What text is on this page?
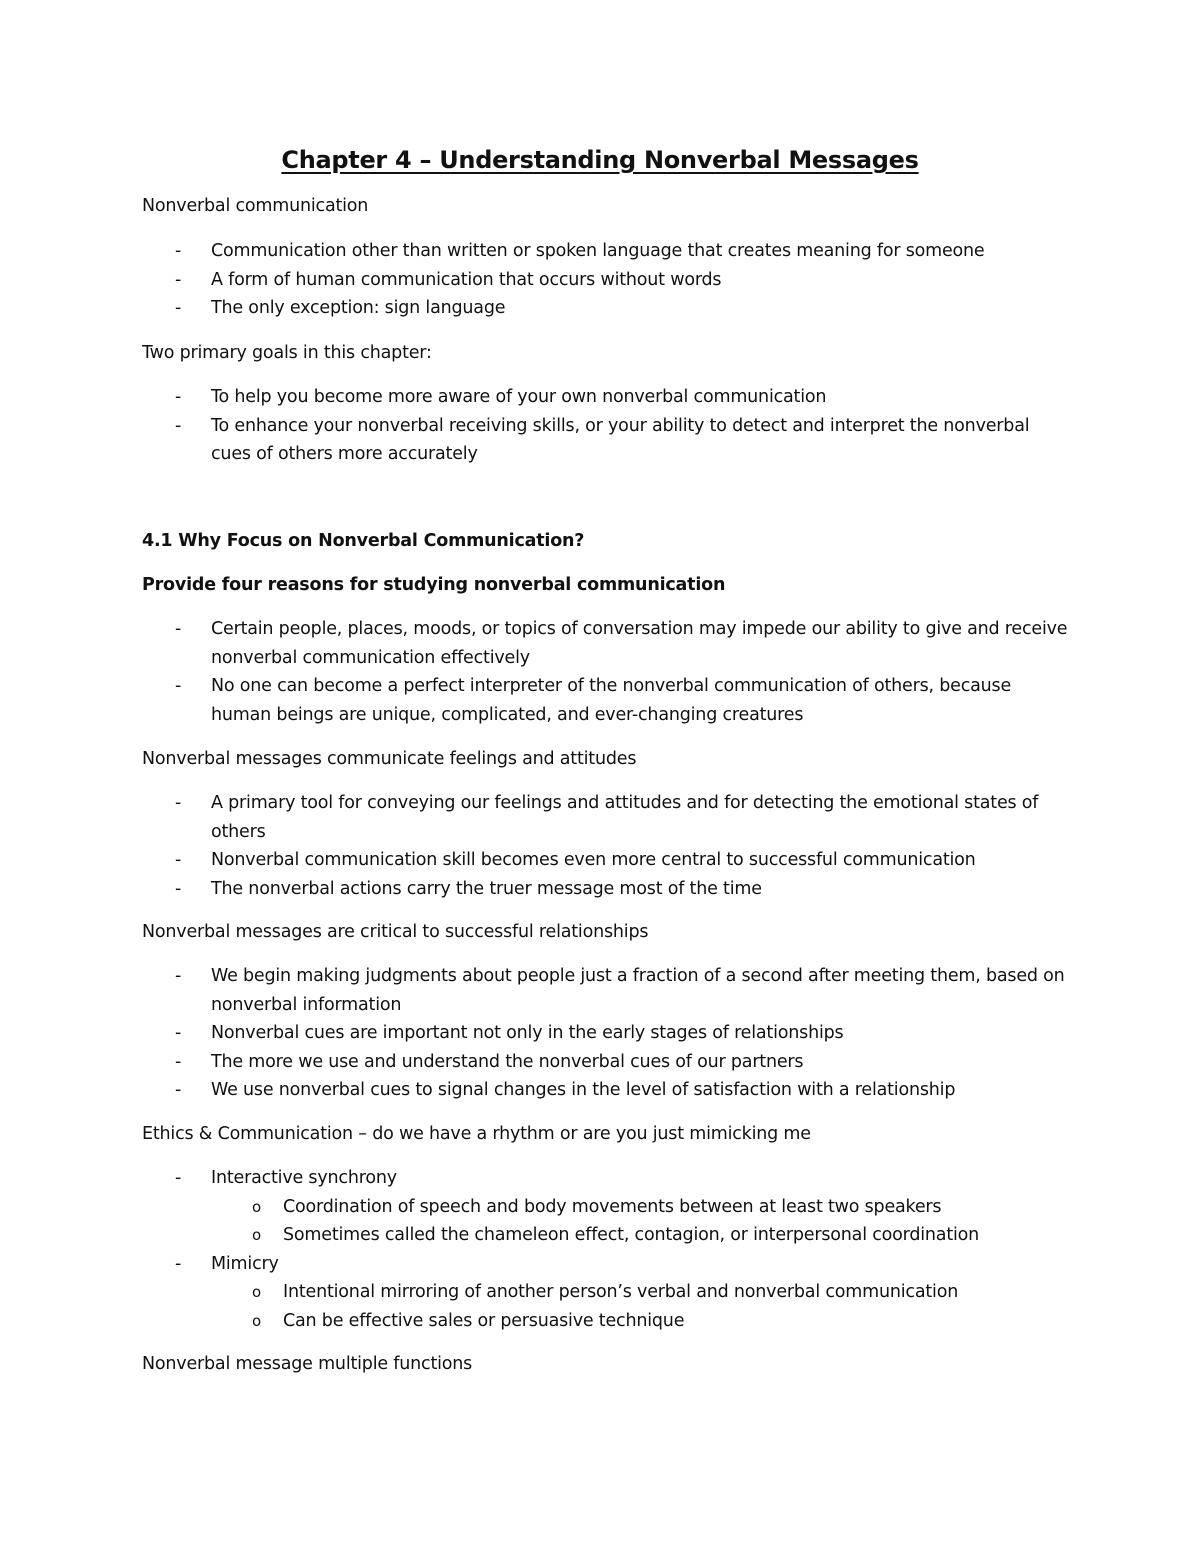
Chapter 4 – Understanding Nonverbal Messages
Nonverbal communication
- Communication other than written or spoken language that creates meaning for someone
- A form of human communication that occurs without words
- The only exception: sign language
Two primary goals in this chapter:
- To help you become more aware of your own nonverbal communication
- To enhance your nonverbal receiving skills, or your ability to detect and interpret the nonverbal cues of others more accurately
4.1 Why Focus on Nonverbal Communication?
Provide four reasons for studying nonverbal communication
- Certain people, places, moods, or topics of conversation may impede our ability to give and receive nonverbal communication effectively
- No one can become a perfect interpreter of the nonverbal communication of others, because human beings are unique, complicated, and ever-changing creatures
Nonverbal messages communicate feelings and attitudes
- A primary tool for conveying our feelings and attitudes and for detecting the emotional states of others
- Nonverbal communication skill becomes even more central to successful communication
- The nonverbal actions carry the truer message most of the time
Nonverbal messages are critical to successful relationships
- We begin making judgments about people just a fraction of a second after meeting them, based on nonverbal information
- Nonverbal cues are important not only in the early stages of relationships
- The more we use and understand the nonverbal cues of our partners
- We use nonverbal cues to signal changes in the level of satisfaction with a relationship
Ethics & Communication – do we have a rhythm or are you just mimicking me
- Interactive synchrony
o Coordination of speech and body movements between at least two speakers
o Sometimes called the chameleon effect, contagion, or interpersonal coordination
- Mimicry
o Intentional mirroring of another person’s verbal and nonverbal communication
o Can be effective sales or persuasive technique
Nonverbal message multiple functions
